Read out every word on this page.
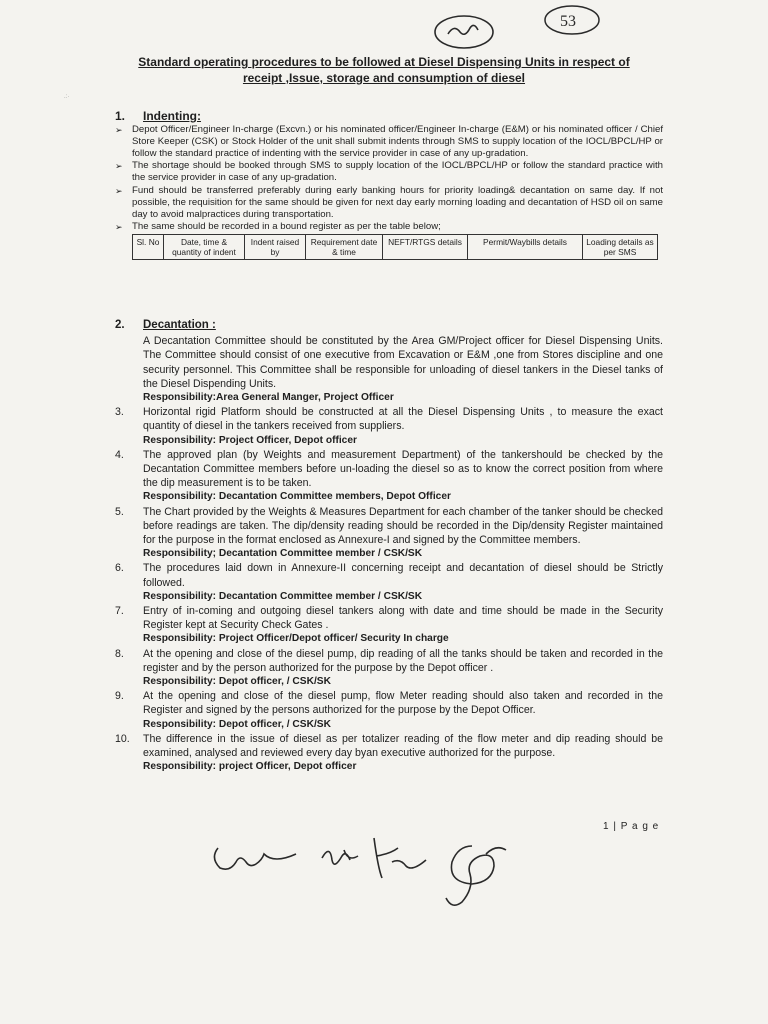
53
.:·
Standard operating procedures to be followed at Diesel Dispensing Units in respect of receipt ,Issue, storage and consumption of diesel
1.	Indenting:
➢ Depot Officer/Engineer In-charge (Excvn.) or his nominated officer/Engineer In-charge (E&M) or his nominated officer / Chief Store Keeper (CSK) or Stock Holder of the unit shall submit indents through SMS to supply location of the IOCL/BPCL/HP or follow the standard practice of indenting with the service provider in case of any up-gradation.
➢ The shortage should be booked through SMS to supply location of the IOCL/BPCL/HP or follow the standard practice with the service provider in case of any up-gradation.
➢ Fund should be transferred preferably during early banking hours for priority loading& decantation on same day. If not possible, the requisition for the same should be given for next day early morning loading and decantation of HSD oil on same day to avoid malpractices during transportation.
➢ The same should be recorded in a bound register as per the table below;
Sl. No	Date, time & quantity of indent	Indent raised by	Requirement date & time	NEFT/RTGS details	Permit/Waybills details	Loading details as per SMS
2.	Decantation :
A Decantation Committee should be constituted by the Area GM/Project officer for Diesel Dispensing Units. The Committee should consist of one executive from Excavation or E&M ,one from Stores discipline and one security personnel. This Committee shall be responsible for unloading of diesel tankers in the Diesel tanks of the Diesel Dispending Units.
Responsibility:Area General Manger, Project Officer
3.	Horizontal rigid Platform should be constructed at all the Diesel Dispensing Units , to measure the exact quantity of diesel in the tankers received from suppliers.
Responsibility: Project Officer, Depot officer
4.	The approved plan (by Weights and measurement Department) of the tankershould be checked by the Decantation Committee members before un-loading the diesel so as to know the correct position from where the dip measurement is to be taken.
Responsibility: Decantation Committee members, Depot Officer
5.	The Chart provided by the Weights & Measures Department for each chamber of the tanker should be checked before readings are taken. The dip/density reading should be recorded in the Dip/density Register maintained for the purpose in the format enclosed as Annexure-I and signed by the Committee members.
Responsibility; Decantation Committee member / CSK/SK
6.	The procedures laid down in Annexure-II concerning receipt and decantation of diesel should be Strictly followed.
Responsibility: Decantation Committee member / CSK/SK
7.	Entry of in-coming and outgoing diesel tankers along with date and time should be made in the Security Register kept at Security Check Gates .
Responsibility: Project Officer/Depot officer/ Security In charge
8.	At the opening and close of the diesel pump, dip reading of all the tanks should be taken and recorded in the register and by the person authorized for the purpose by the Depot officer .
Responsibility: Depot officer, / CSK/SK
9.	At the opening and close of the diesel pump, flow Meter reading should also taken and recorded in the Register and signed by the persons authorized for the purpose by the Depot Officer.
Responsibility: Depot officer, / CSK/SK
10.	The difference in the issue of diesel as per totalizer reading of the flow meter and dip reading should be examined, analysed and reviewed every day byan executive authorized for the purpose.
Responsibility: project Officer, Depot officer
1 | P a g e
